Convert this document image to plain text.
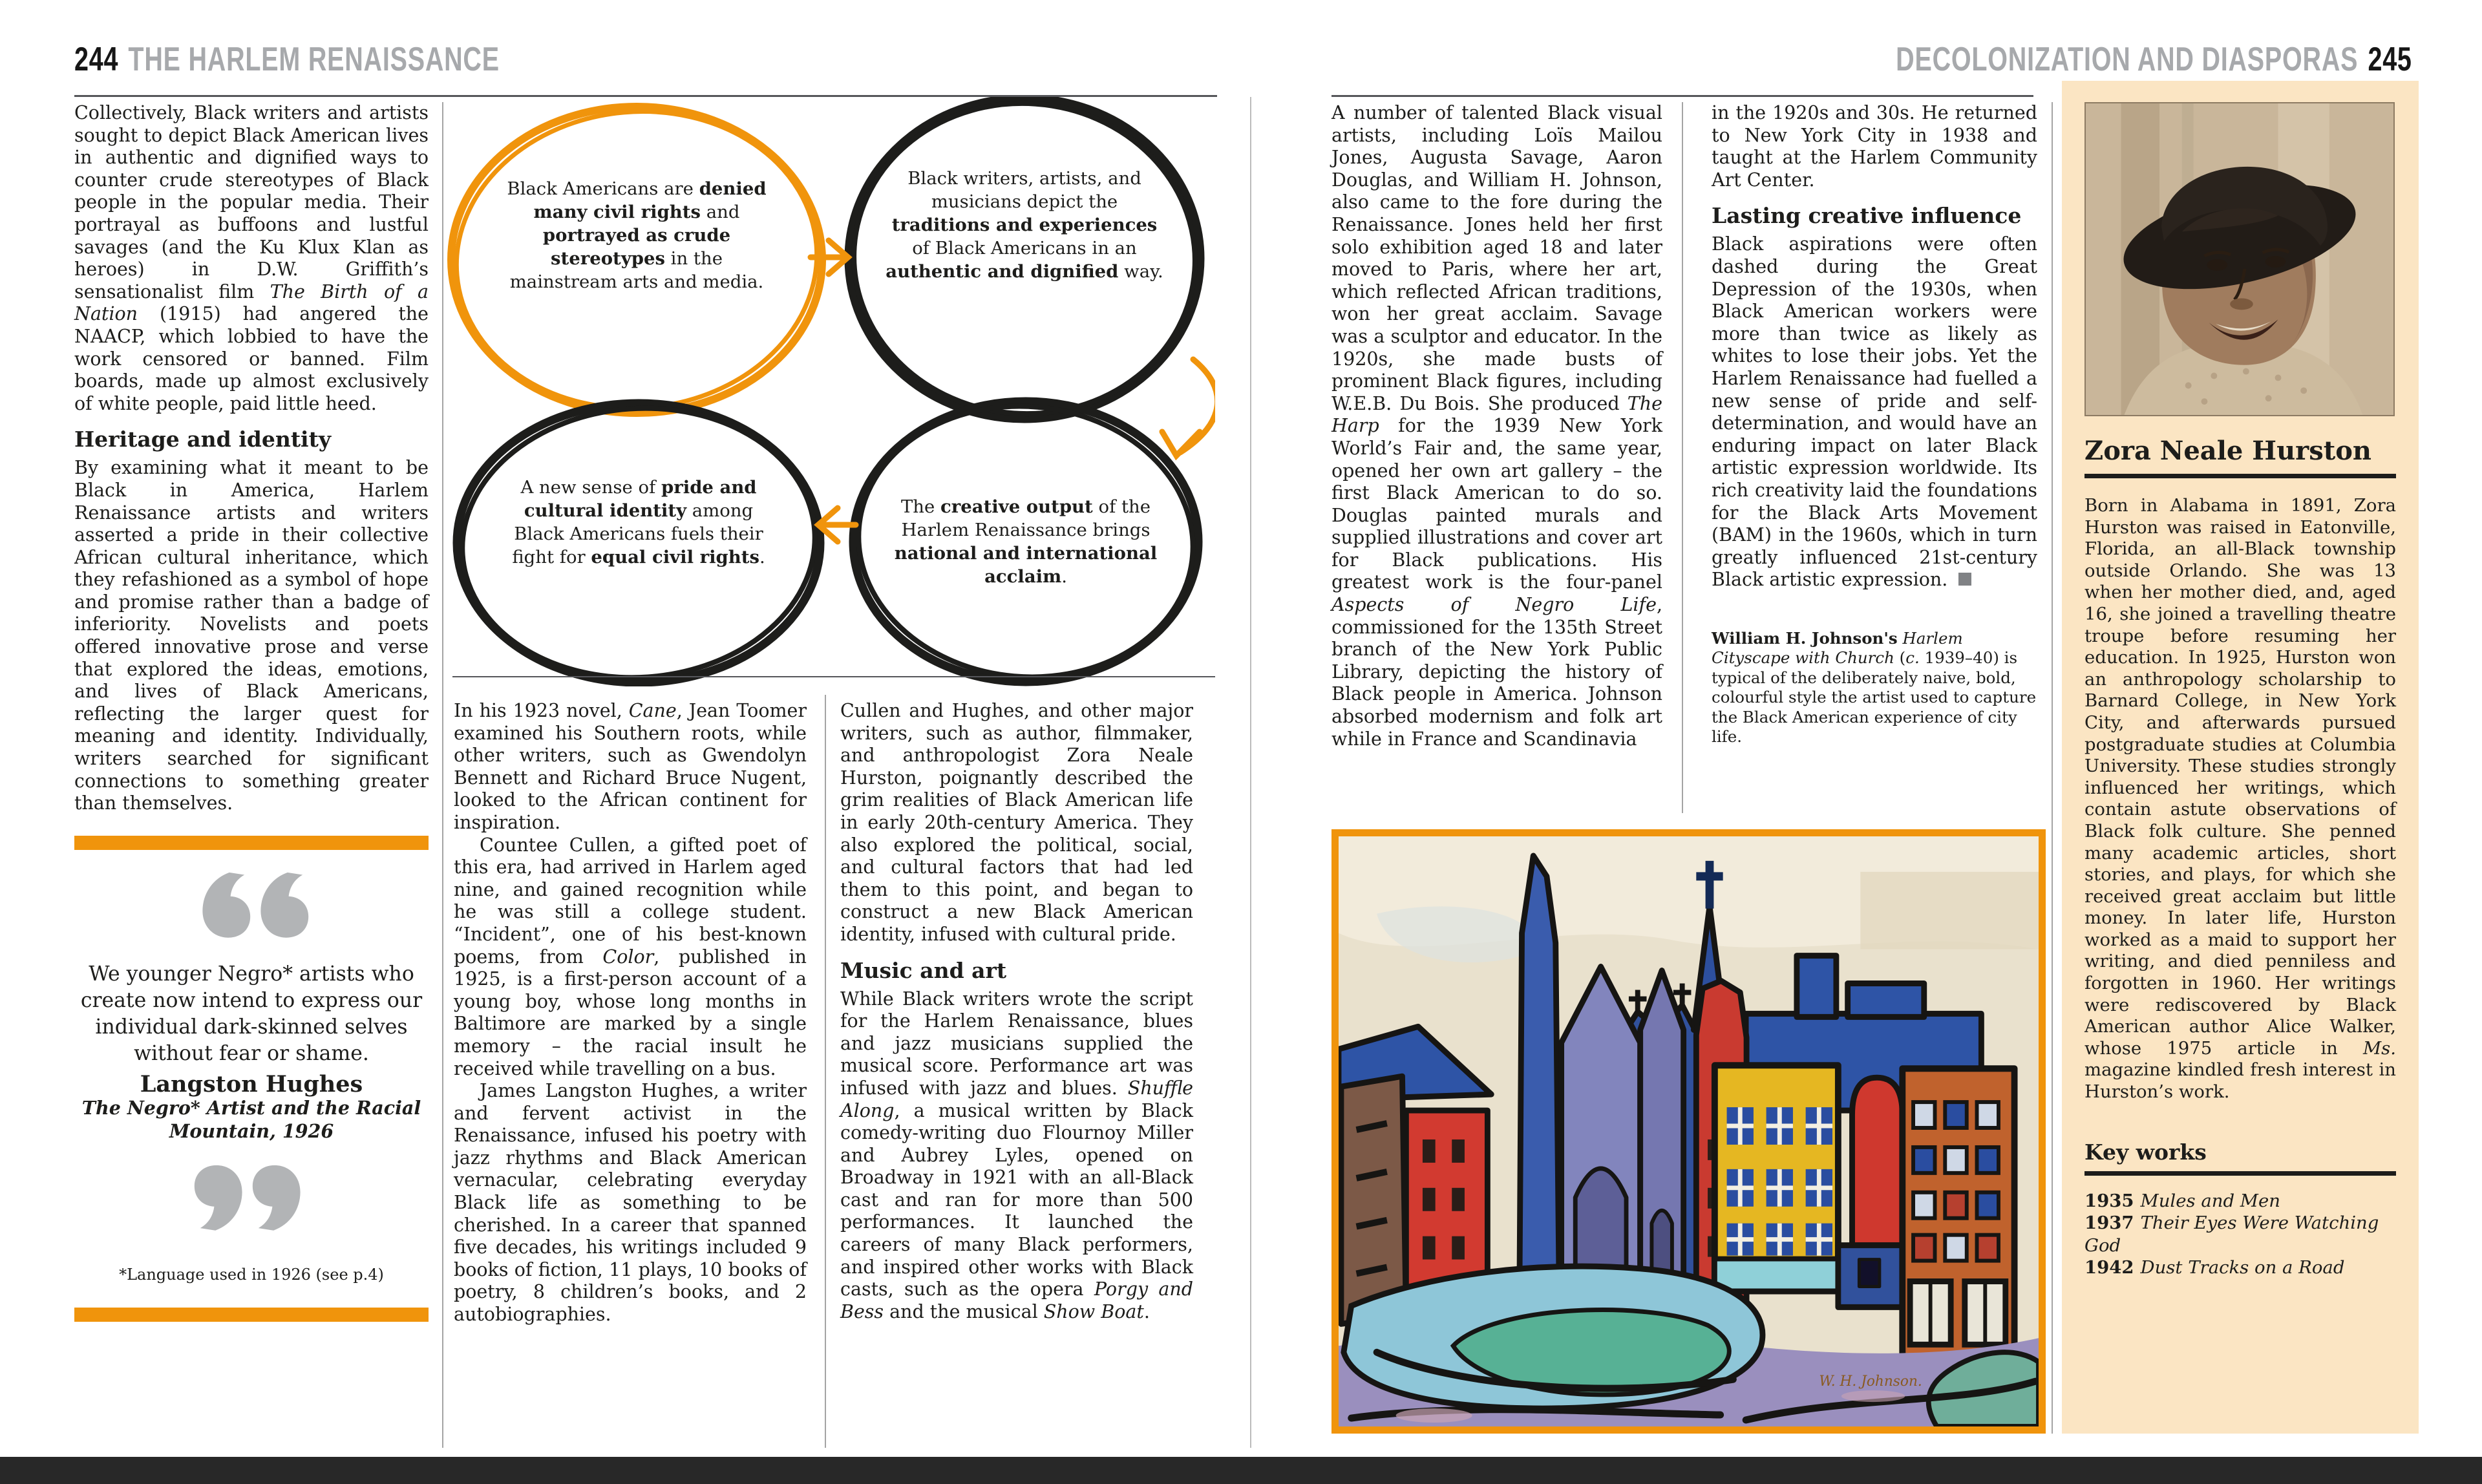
244 THE HARLEM RENAISSANCE	DECOLONIZATION AND DIASPORAS 245

Collectively, Black writers and artists sought to depict Black American lives in authentic and dignified ways to counter crude stereotypes of Black people in the popular media. Their portrayal as buffoons and lustful savages (and the Ku Klux Klan as heroes) in D.W. Griffith’s sensationalist film The Birth of a Nation (1915) had angered the NAACP, which lobbied to have the work censored or banned. Film boards, made up almost exclusively of white people, paid little heed.

Heritage and identity

By examining what it meant to be Black in America, Harlem Renaissance artists and writers asserted a pride in their collective African cultural inheritance, which they refashioned as a symbol of hope and promise rather than a badge of inferiority. Novelists and poets offered innovative prose and verse that explored the ideas, emotions, and lives of Black Americans, reflecting the larger quest for meaning and identity. Individually, writers searched for significant connections to something greater than themselves.

We younger Negro* artists who create now intend to express our individual dark-skinned selves without fear or shame.
Langston Hughes
The Negro* Artist and the Racial Mountain, 1926
*Language used in 1926 (see p.4)
Black Americans are denied many civil rights and portrayed as crude stereotypes in the mainstream arts and media.
Black writers, artists, and musicians depict the traditions and experiences of Black Americans in an authentic and dignified way.
A new sense of pride and cultural identity among Black Americans fuels their fight for equal civil rights.
The creative output of the Harlem Renaissance brings national and international acclaim.

In his 1923 novel, Cane, Jean Toomer examined his Southern roots, while other writers, such as Gwendolyn Bennett and Richard Bruce Nugent, looked to the African continent for inspiration.

Countee Cullen, a gifted poet of this era, had arrived in Harlem aged nine, and gained recognition while he was still a college student. “Incident”, one of his best-known poems, from Color, published in 1925, is a first-person account of a young boy, whose long months in Baltimore are marked by a single memory – the racial insult he received while travelling on a bus.

James Langston Hughes, a writer and fervent activist in the Renaissance, infused his poetry with jazz rhythms and Black American vernacular, celebrating everyday Black life as something to be cherished. In a career that spanned five decades, his writings included 9 books of fiction, 11 plays, 10 books of poetry, 8 children’s books, and 2 autobiographies.

Cullen and Hughes, and other major writers, such as author, filmmaker, and anthropologist Zora Neale Hurston, poignantly described the grim realities of Black American life in early 20th-century America. They also explored the political, social, and cultural factors that had led them to this point, and began to construct a new Black American identity, infused with cultural pride.

Music and art

While Black writers wrote the script for the Harlem Renaissance, blues and jazz musicians supplied the musical score. Performance art was infused with jazz and blues. Shuffle Along, a musical written by Black comedy-writing duo Flournoy Miller and Aubrey Lyles, opened on Broadway in 1921 with an all-Black cast and ran for more than 500 performances. It launched the careers of many Black performers, and inspired other works with Black casts, such as the opera Porgy and Bess and the musical Show Boat.

A number of talented Black visual artists, including Loïs Mailou Jones, Augusta Savage, Aaron Douglas, and William H. Johnson, also came to the fore during the Renaissance. Jones held her first solo exhibition aged 18 and later moved to Paris, where her art, which reflected African traditions, won her great acclaim. Savage was a sculptor and educator. In the 1920s, she made busts of prominent Black figures, including W.E.B. Du Bois. She produced The Harp for the 1939 New York World’s Fair and, the same year, opened her own art gallery – the first Black American to do so. Douglas painted murals and supplied illustrations and cover art for Black publications. His greatest work is the four-panel Aspects of Negro Life, commissioned for the 135th Street branch of the New York Public Library, depicting the history of Black people in America. Johnson absorbed modernism and folk art while in France and Scandinavia

in the 1920s and 30s. He returned to New York City in 1938 and taught at the Harlem Community Art Center.

Lasting creative influence

Black aspirations were often dashed during the Great Depression of the 1930s, when Black American workers were more than twice as likely as whites to lose their jobs. Yet the Harlem Renaissance had fuelled a new sense of pride and self-determination, and would have an enduring impact on later Black artistic expression worldwide. Its rich creativity laid the foundations for the Black Arts Movement (BAM) in the 1960s, which in turn greatly influenced 21st-century Black artistic expression.

William H. Johnson's Harlem Cityscape with Church (c. 1939–40) is typical of the deliberately naive, bold, colourful style the artist used to capture the Black American experience of city life.
W. H. Johnson.
Zora Neale Hurston
Born in Alabama in 1891, Zora Hurston was raised in Eatonville, Florida, an all-Black township outside Orlando. She was 13 when her mother died, and, aged 16, she joined a travelling theatre troupe before resuming her education. In 1925, Hurston won an anthropology scholarship to Barnard College, in New York City, and afterwards pursued postgraduate studies at Columbia University. These studies strongly influenced her writings, which contain astute observations of Black folk culture. She penned many academic articles, short stories, and plays, for which she received great acclaim but little money. In later life, Hurston worked as a maid to support her writing, and died penniless and forgotten in 1960. Her writings were rediscovered by Black American author Alice Walker, whose 1975 article in Ms. magazine kindled fresh interest in Hurston’s work.
Key works
1935 Mules and Men
1937 Their Eyes Were Watching God
1942 Dust Tracks on a Road
